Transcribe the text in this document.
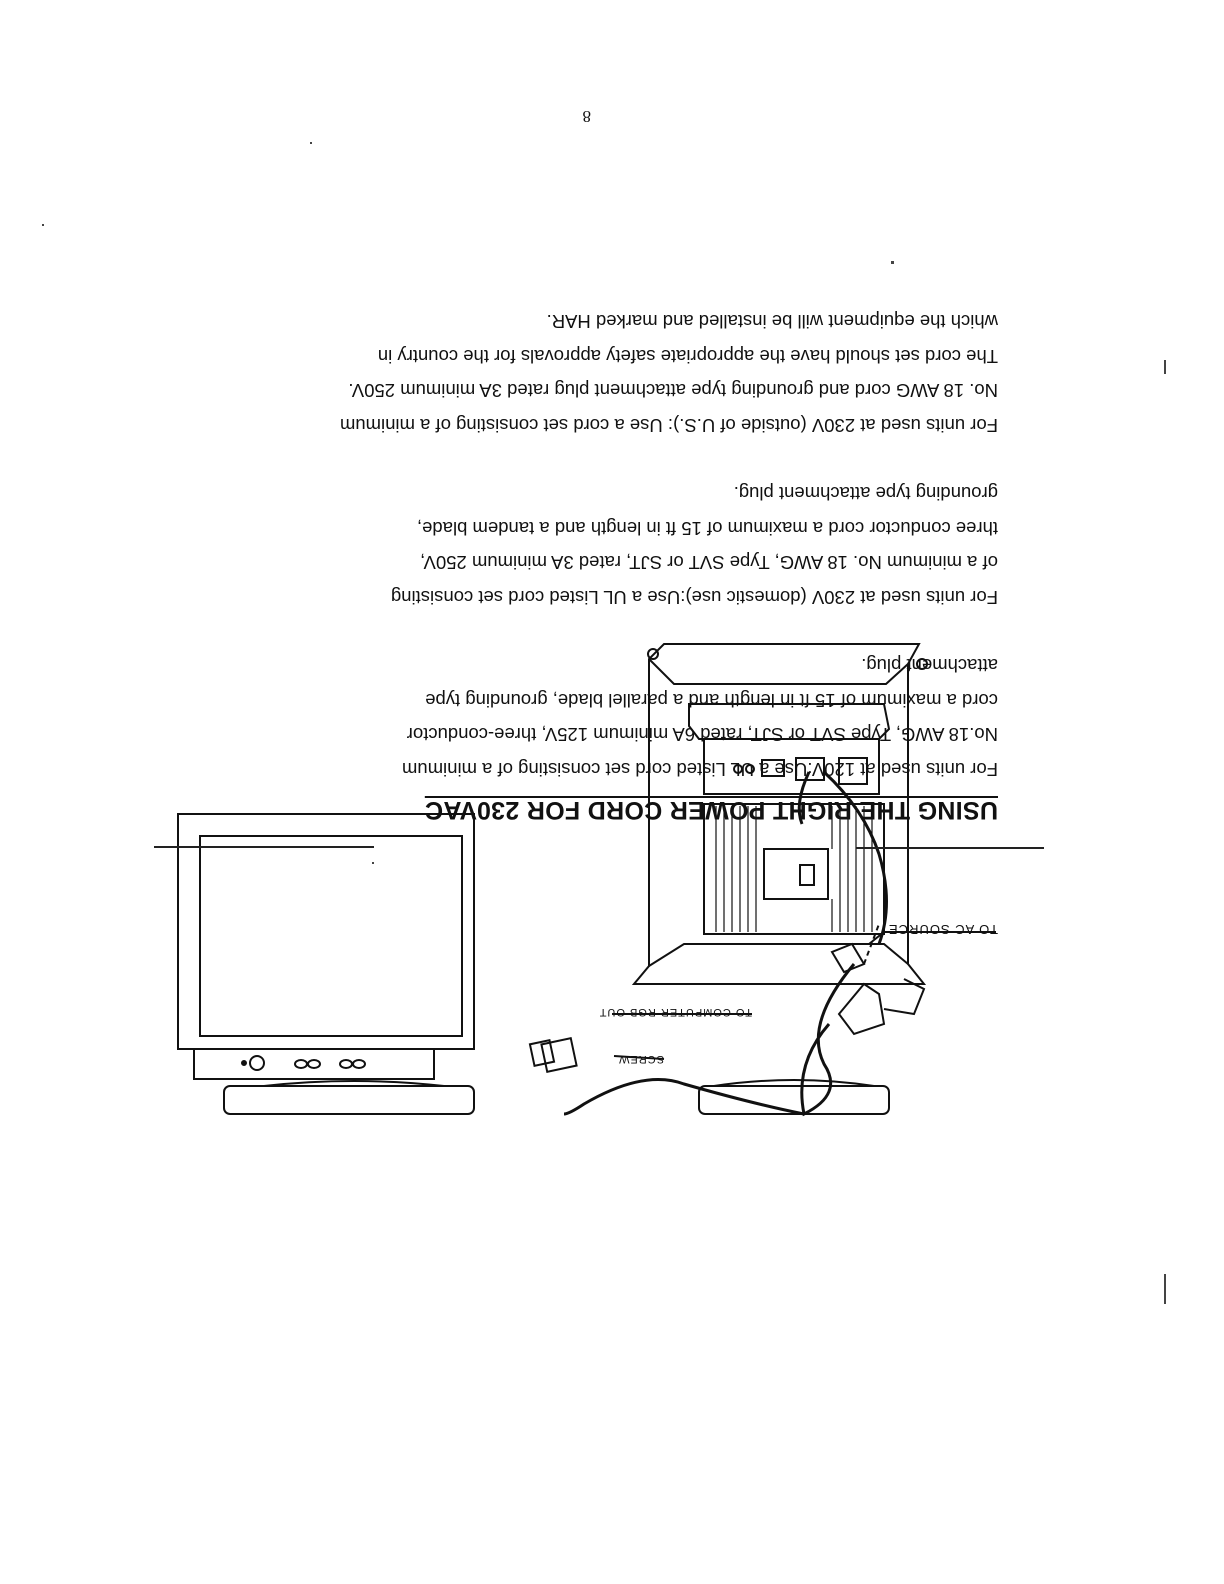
TO AC SOURCE
TO COMPUTER RGB OUT
SCREW
USING THE RIGHT POWER CORD FOR 230VAC
For units used at 120V:Use a UL Listed cord set consisting of a minimum
No.18 AWG, Type SVT or SJT, rated 6A minimum 125V, three-conductor
cord a maximum of 15 ft in length and a parallel blade, grounding type
attachment plug.
For units used at 230V (domestic use):Use a UL Listed cord set consisting
of a minimum No. 18 AWG, Type SVT or SJT, rated 3A minimum 250V,
three conductor cord a maximum of 15 ft in length and a tandem blade,
grounding type attachment plug.
For units used at 230V (outside of U.S.): Use a cord set consisting of a minimum
No. 18 AWG cord and grounding type attachment plug rated 3A minimum 250V.
The cord set should have the appropriate safety approvals for the country in
which the equipment will be installed and marked HAR.
8
